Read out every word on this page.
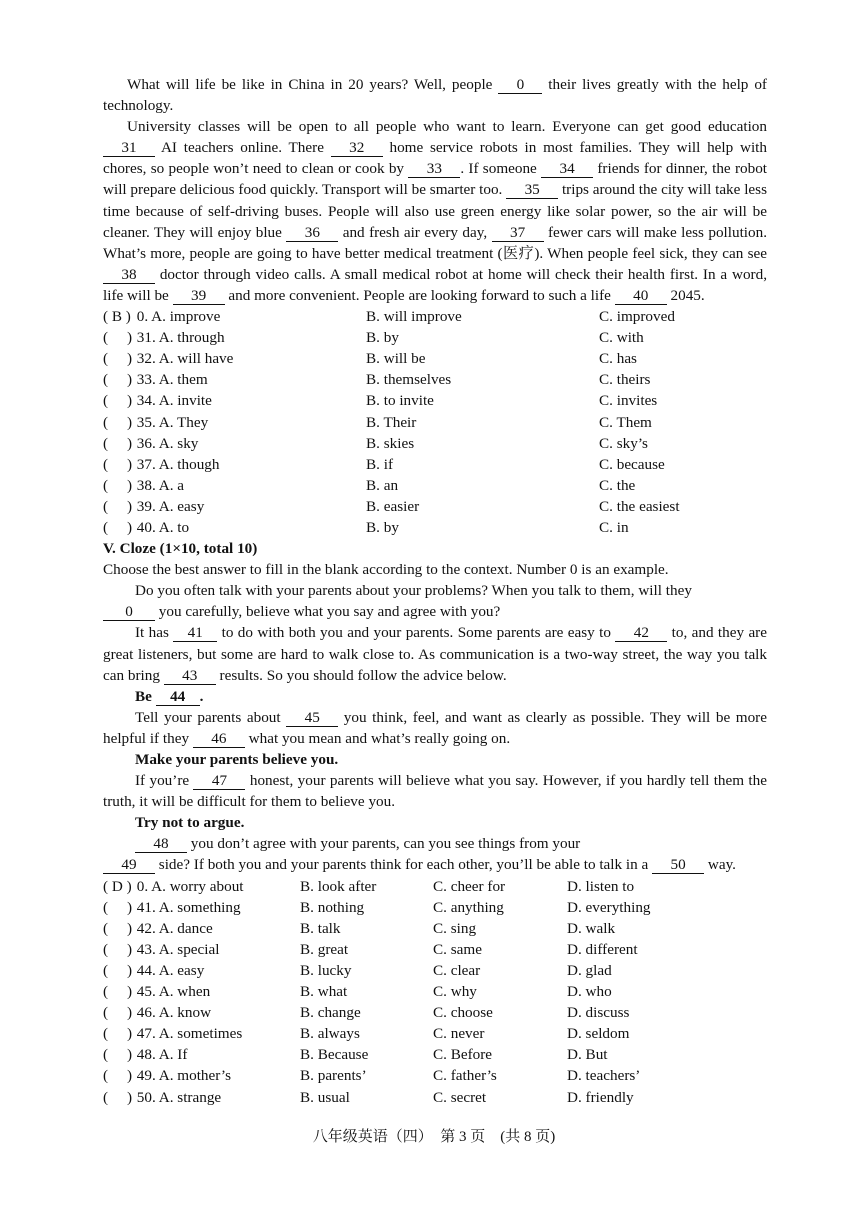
What will life be like in China in 20 years? Well, people 0 their lives greatly with the help of technology.

University classes will be open to all people who want to learn. Everyone can get good education 31 AI teachers online. There 32 home service robots in most families. They will help with chores, so people won’t need to clean or cook by 33 . If someone 34 friends for dinner, the robot will prepare delicious food quickly. Transport will be smarter too. 35 trips around the city will take less time because of self-driving buses. People will also use green energy like solar power, so the air will be cleaner. They will enjoy blue 36 and fresh air every day, 37 fewer cars will make less pollution. What’s more, people are going to have better medical treatment (医疗). When people feel sick, they can see 38 doctor through video calls. A small medical robot at home will check their health first. In a word, life will be 39 and more convenient. People are looking forward to such a life 40 2045.

( B ) 0. A. improve	B. will improve	C. improved
(  ) 31. A. through	B. by	C. with
(  ) 32. A. will have	B. will be	C. has
(  ) 33. A. them	B. themselves	C. theirs
(  ) 34. A. invite	B. to invite	C. invites
(  ) 35. A. They	B. Their	C. Them
(  ) 36. A. sky	B. skies	C. sky’s
(  ) 37. A. though	B. if	C. because
(  ) 38. A. a	B. an	C. the
(  ) 39. A. easy	B. easier	C. the easiest
(  ) 40. A. to	B. by	C. in

V. Cloze (1×10, total 10)

Choose the best answer to fill in the blank according to the context. Number 0 is an example.

Do you often talk with your parents about your problems? When you talk to them, will they
0 you carefully, believe what you say and agree with you?

It has 41 to do with both you and your parents. Some parents are easy to 42 to, and they are great listeners, but some are hard to walk close to. As communication is a two-way street, the way you talk can bring 43 results. So you should follow the advice below.

Be 44 .

Tell your parents about 45 you think, feel, and want as clearly as possible. They will be more helpful if they 46 what you mean and what’s really going on.

Make your parents believe you.

If you’re 47 honest, your parents will believe what you say. However, if you hardly tell them the truth, it will be difficult for them to believe you.

Try not to argue.

48 you don’t agree with your parents, can you see things from your
49 side? If both you and your parents think for each other, you’ll be able to talk in a 50 way.

( D ) 0. A. worry about	B. look after	C. cheer for	D. listen to
(  ) 41. A. something	B. nothing	C. anything	D. everything
(  ) 42. A. dance	B. talk	C. sing	D. walk
(  ) 43. A. special	B. great	C. same	D. different
(  ) 44. A. easy	B. lucky	C. clear	D. glad
(  ) 45. A. when	B. what	C. why	D. who
(  ) 46. A. know	B. change	C. choose	D. discuss
(  ) 47. A. sometimes	B. always	C. never	D. seldom
(  ) 48. A. If	B. Because	C. Before	D. But
(  ) 49. A. mother’s	B. parents’	C. father’s	D. teachers’
(  ) 50. A. strange	B. usual	C. secret	D. friendly
八年级英语（四）　第 3 页　(共 8 页)
